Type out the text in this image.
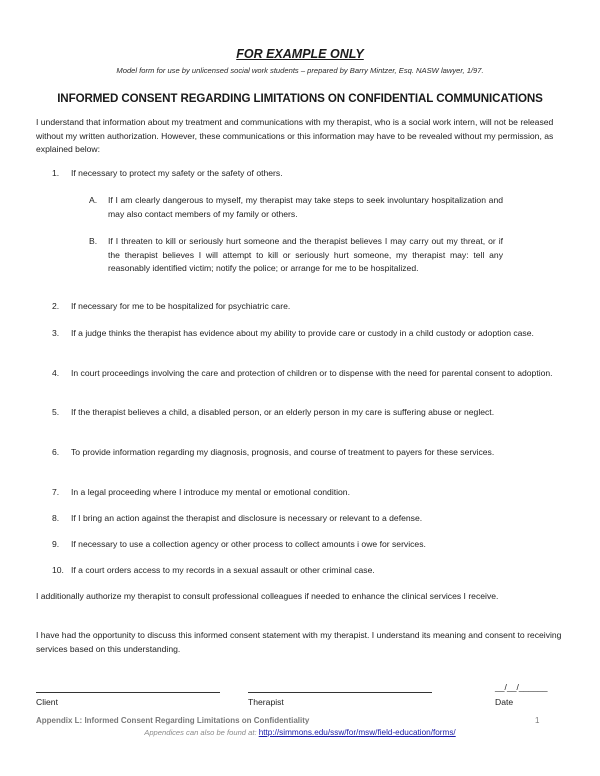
FOR EXAMPLE ONLY
Model form for use by unlicensed social work students – prepared by Barry Mintzer, Esq. NASW lawyer, 1/97.
INFORMED CONSENT REGARDING LIMITATIONS ON CONFIDENTIAL COMMUNICATIONS
I understand that information about my treatment and communications with my therapist, who is a social work intern, will not be released without my written authorization. However, these communications or this information may have to be revealed without my permission, as explained below:
1.	If necessary to protect my safety or the safety of others.
A.	If I am clearly dangerous to myself, my therapist may take steps to seek involuntary hospitalization and may also contact members of my family or others.
B.	If I threaten to kill or seriously hurt someone and the therapist believes I may carry out my threat, or if the therapist believes I will attempt to kill or seriously hurt someone, my therapist may: tell any reasonably identified victim; notify the police; or arrange for me to be hospitalized.
2.	If necessary for me to be hospitalized for psychiatric care.
3.	If a judge thinks the therapist has evidence about my ability to provide care or custody in a child custody or adoption case.
4.	In court proceedings involving the care and protection of children or to dispense with the need for parental consent to adoption.
5.	If the therapist believes a child, a disabled person, or an elderly person in my care is suffering abuse or neglect.
6.	To provide information regarding my diagnosis, prognosis, and course of treatment to payers for these services.
7.	In a legal proceeding where I introduce my mental or emotional condition.
8.	If I bring an action against the therapist and disclosure is necessary or relevant to a defense.
9.	If necessary to use a collection agency or other process to collect amounts i owe for services.
10. If a court orders access to my records in a sexual assault or other criminal case.
I additionally authorize my therapist to consult professional colleagues if needed to enhance the clinical services I receive.
I have had the opportunity to discuss this informed consent statement with my therapist. I understand its meaning and consent to receiving services based on this understanding.
Client	Therapist
__/__/______
Date
Appendix L: Informed Consent Regarding Limitations on Confidentiality	1
Appendices can also be found at: http://simmons.edu/ssw/for/msw/field-education/forms/
